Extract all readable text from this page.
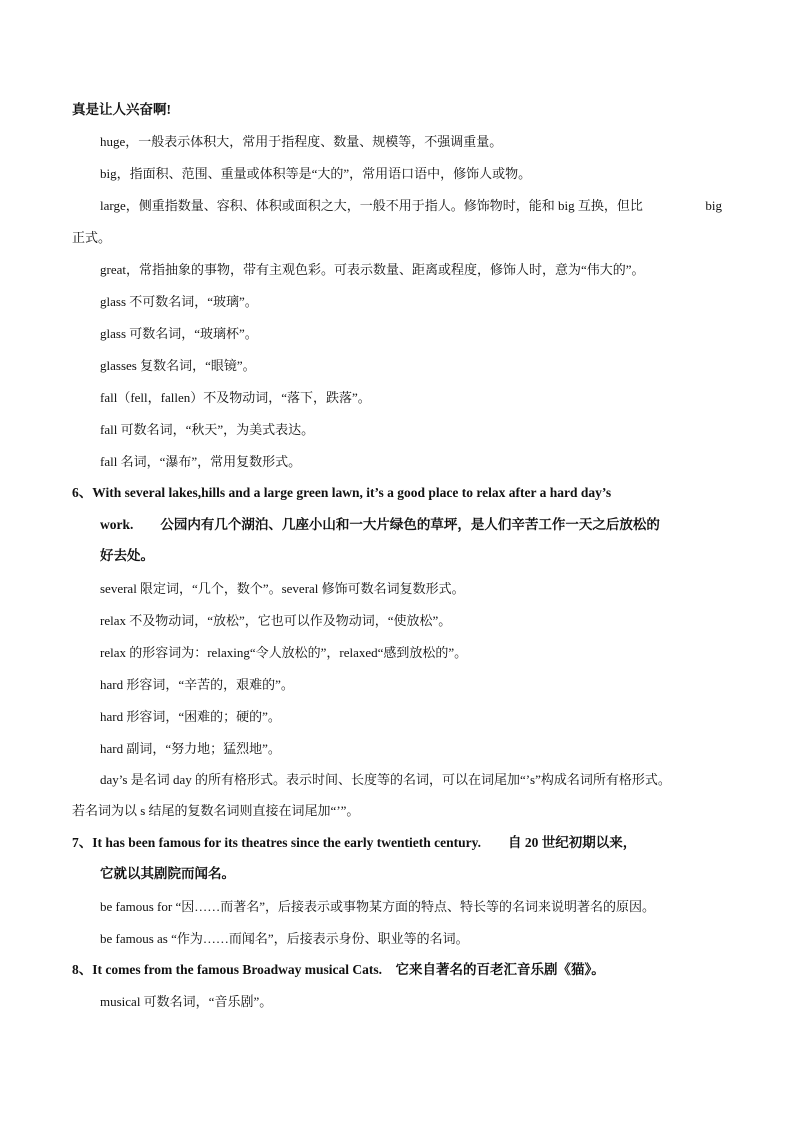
真是让人兴奋啊!
huge，一般表示体积大，常用于指程度、数量、规模等，不强调重量。
big，指面积、范围、重量或体积等是“大的”，常用语口语中，修饰人或物。
large，侧重指数量、容积、体积或面积之大，一般不用于指人。修饰物时，能和 big 互换，但比	big
正式。
great，常指抽象的事物，带有主观色彩。可表示数量、距离或程度，修饰人时，意为“伟大的”。
glass 不可数名词，“玻璃”。
glass 可数名词，“玻璃杯”。
glasses 复数名词，“眼镜”。
fall（fell，fallen）不及物动词，“落下，跌落”。
fall 可数名词，“秋天”，为美式表达。
fall 名词，“瀑布”，常用复数形式。
6、With several lakes,hills and a large green lawn, it’s a good place to relax after a hard day’s
work.　　公园内有几个湖泊、几座小山和一大片绿色的草坪，是人们辛苦工作一天之后放松的
好去处。
several 限定词，“几个，数个”。several 修饰可数名词复数形式。
relax 不及物动词，“放松”，它也可以作及物动词，“使放松”。
relax 的形容词为：relaxing“令人放松的”，relaxed“感到放松的”。
hard 形容词，“辛苦的，艰难的”。
hard 形容词，“困难的；硬的”。
hard 副词，“努力地；猛烈地”。
day’s 是名词 day 的所有格形式。表示时间、长度等的名词，可以在词尾加“’s”构成名词所有格形式。
若名词为以 s 结尾的复数名词则直接在词尾加“’”。
7、It has been famous for its theatres since the early twentieth century.　　自 20 世纪初期以来，
它就以其剧院而闻名。
be famous for “因……而著名”，后接表示或事物某方面的特点、特长等的名词来说明著名的原因。
be famous as “作为……而闻名”，后接表示身份、职业等的名词。
8、It comes from the famous Broadway musical Cats.　它来自著名的百老汇音乐剧《猫》。
musical 可数名词，“音乐剧”。
